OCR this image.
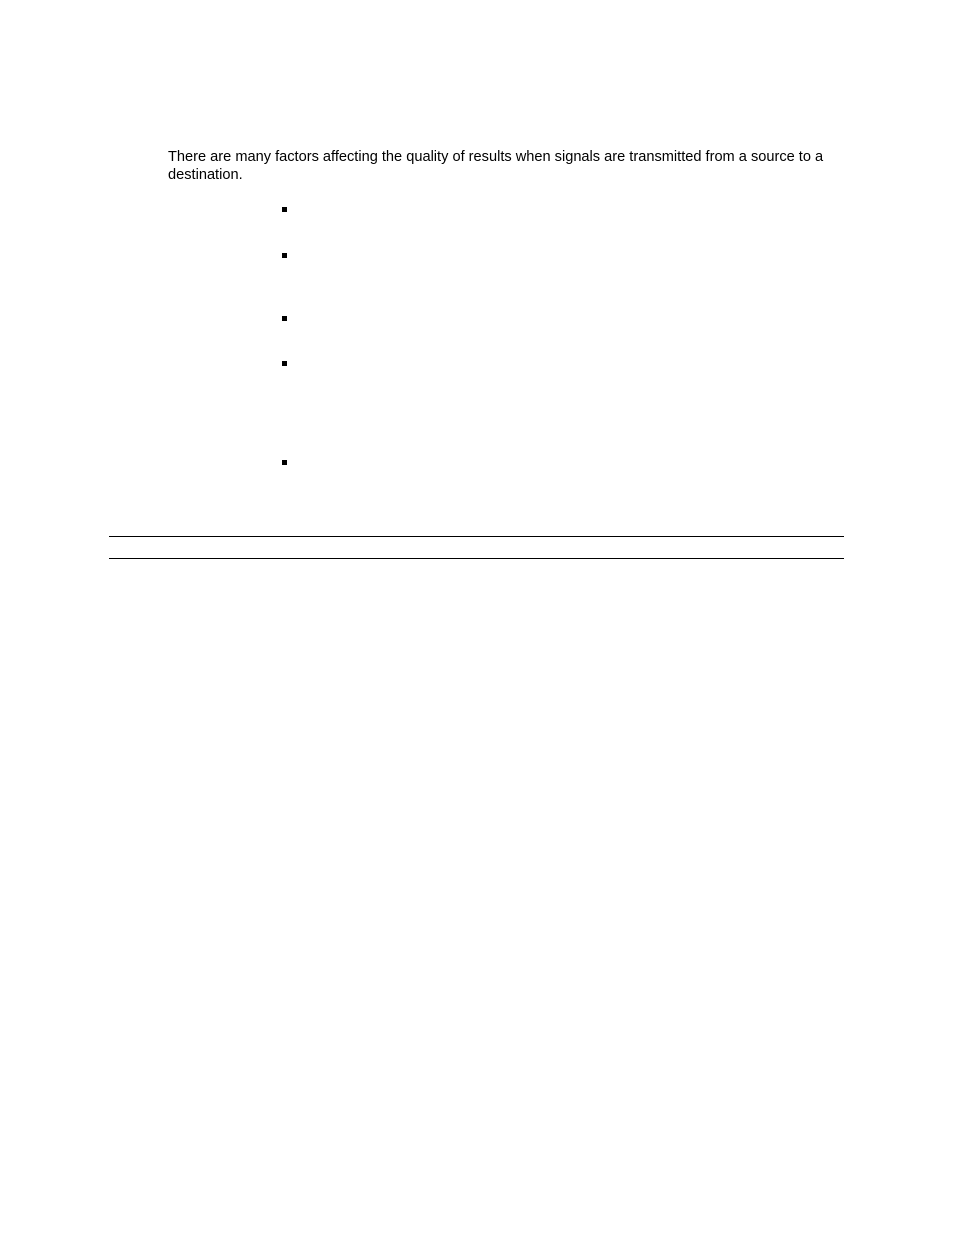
There are many factors affecting the quality of results when signals are transmitted from a source to a destination.
